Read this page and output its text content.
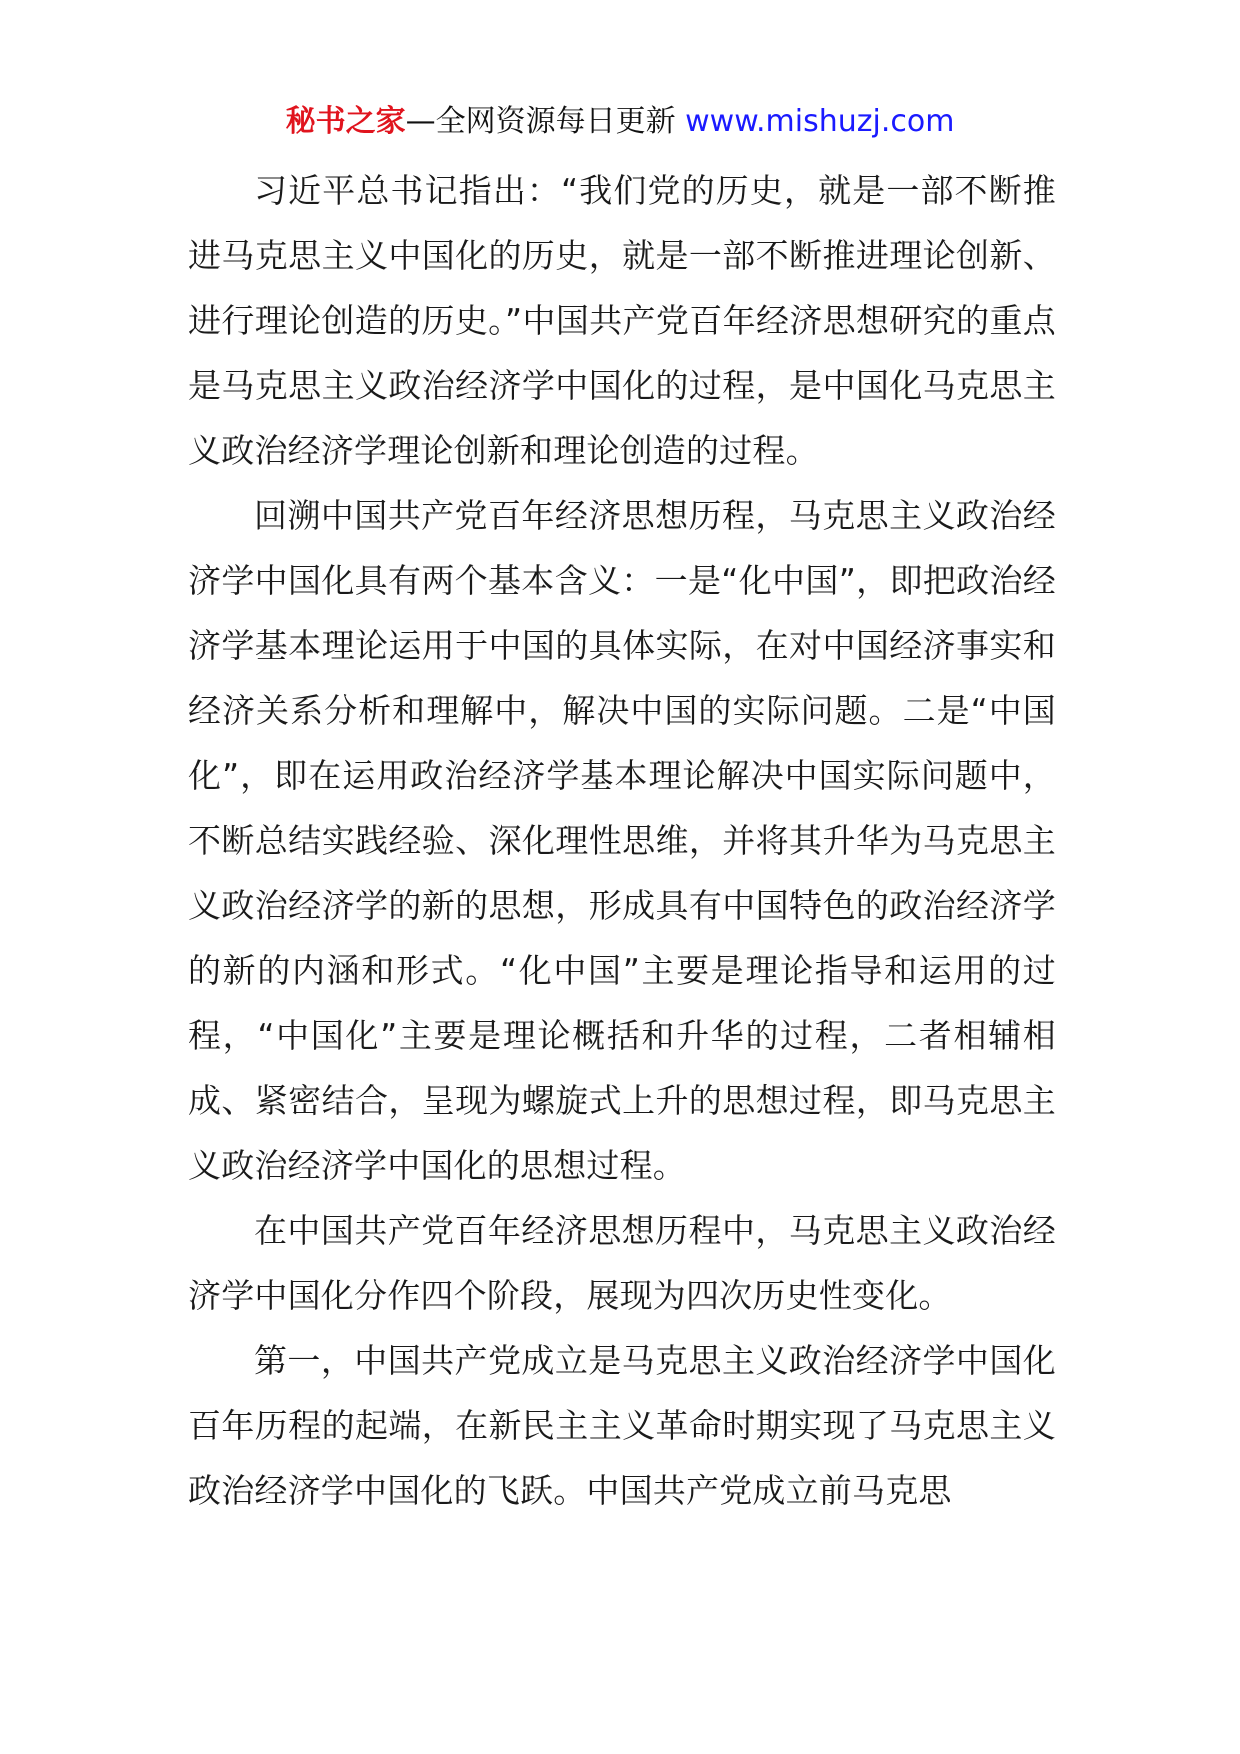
秘书之家—全网资源每日更新 www.mishuzj.com

习近平总书记指出：“我们党的历史，就是一部不断推进马克思主义中国化的历史，就是一部不断推进理论创新、进行理论创造的历史。”中国共产党百年经济思想研究的重点是马克思主义政治经济学中国化的过程，是中国化马克思主义政治经济学理论创新和理论创造的过程。

回溯中国共产党百年经济思想历程，马克思主义政治经济学中国化具有两个基本含义：一是“化中国”，即把政治经济学基本理论运用于中国的具体实际，在对中国经济事实和经济关系分析和理解中，解决中国的实际问题。二是“中国化”，即在运用政治经济学基本理论解决中国实际问题中，不断总结实践经验、深化理性思维，并将其升华为马克思主义政治经济学的新的思想，形成具有中国特色的政治经济学的新的内涵和形式。“化中国”主要是理论指导和运用的过程，“中国化”主要是理论概括和升华的过程，二者相辅相成、紧密结合，呈现为螺旋式上升的思想过程，即马克思主义政治经济学中国化的思想过程。

在中国共产党百年经济思想历程中，马克思主义政治经济学中国化分作四个阶段，展现为四次历史性变化。

第一，中国共产党成立是马克思主义政治经济学中国化百年历程的起端，在新民主主义革命时期实现了马克思主义政治经济学中国化的飞跃。中国共产党成立前马克思
